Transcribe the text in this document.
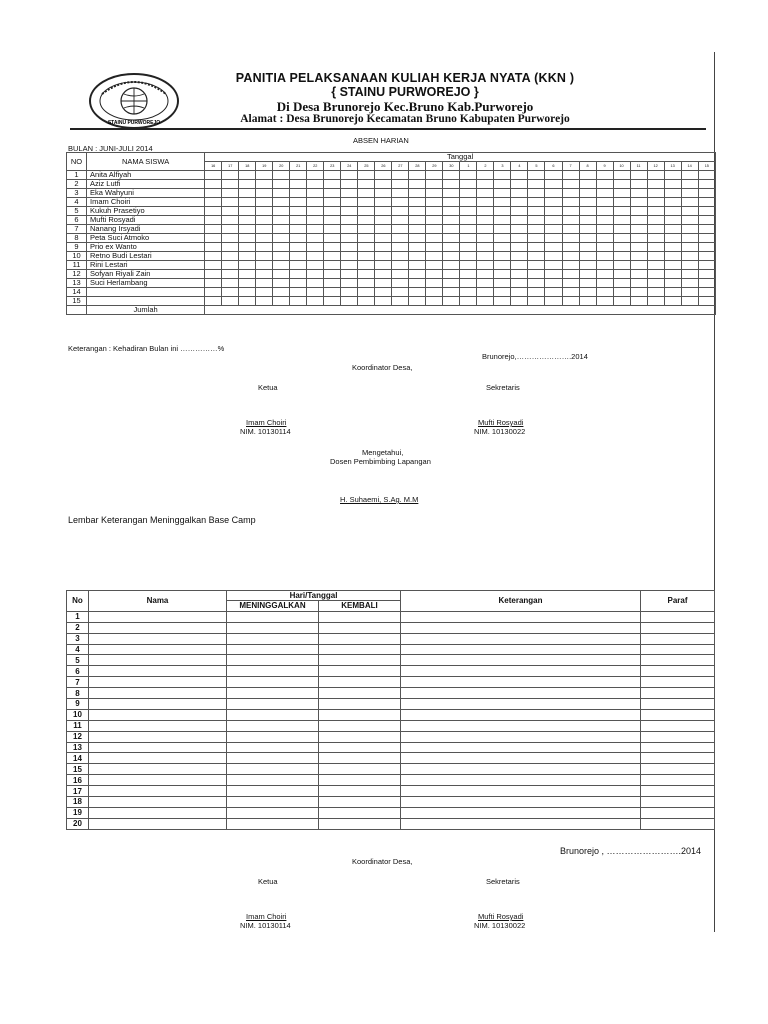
STAINU PURWOREJO
PANITIA PELAKSANAAN KULIAH KERJA NYATA (KKN )
{ STAINU PURWOREJO }
Di Desa Brunorejo Kec.Bruno Kab.Purworejo
Alamat : Desa Brunorejo Kecamatan Bruno Kabupaten Purworejo
ABSEN HARIAN
BULAN : JUNI-JULI 2014
NO	NAMA SISWA	Tanggal																													
		16	17	18	19	20	21	22	23	24	25	26	27	28	29	30	1	2	3	4	5	6	7	8	9	10	11	12	13	14	15
1	Anita Alfiyah																														
2	Aziz Lutfi																														
3	Eka Wahyuni																														
4	Imam Choiri																														
5	Kukuh Prasetiyo																														
6	Mufti Rosyadi																														
7	Nanang Irsyadi																														
8	Peta Suci Atmoko																														
9	Prio ex Wanto																														
10	Retno Budi Lestari																														
11	Rini Lestari																														
12	Sofyan Riyali Zain																														
13	Suci Herlambang																														
14																															
15																															
	Jumlah																														
Keterangan : Kehadiran Bulan ini ……………%
Brunorejo,………………….2014
Koordinator Desa,
Ketua	Sekretaris
Imam Choiri
NIM. 10130114
Mufti Rosyadi
NIM. 10130022
Mengetahui,
Dosen Pembimbing Lapangan
H. Suhaemi, S.Ag. M.M
Lembar Keterangan Meninggalkan Base Camp
No	Nama	Hari/Tanggal		Keterangan	Paraf
		MENINGGALKAN	KEMBALI		
1					
2					
3					
4					
5					
6					
7					
8					
9					
10					
11					
12					
13					
14					
15					
16					
17					
18					
19					
20					
Brunorejo , …………………….2014
Koordinator Desa,
Ketua	Sekretaris
Imam Choiri
NIM. 10130114
Mufti Rosyadi
NIM. 10130022
